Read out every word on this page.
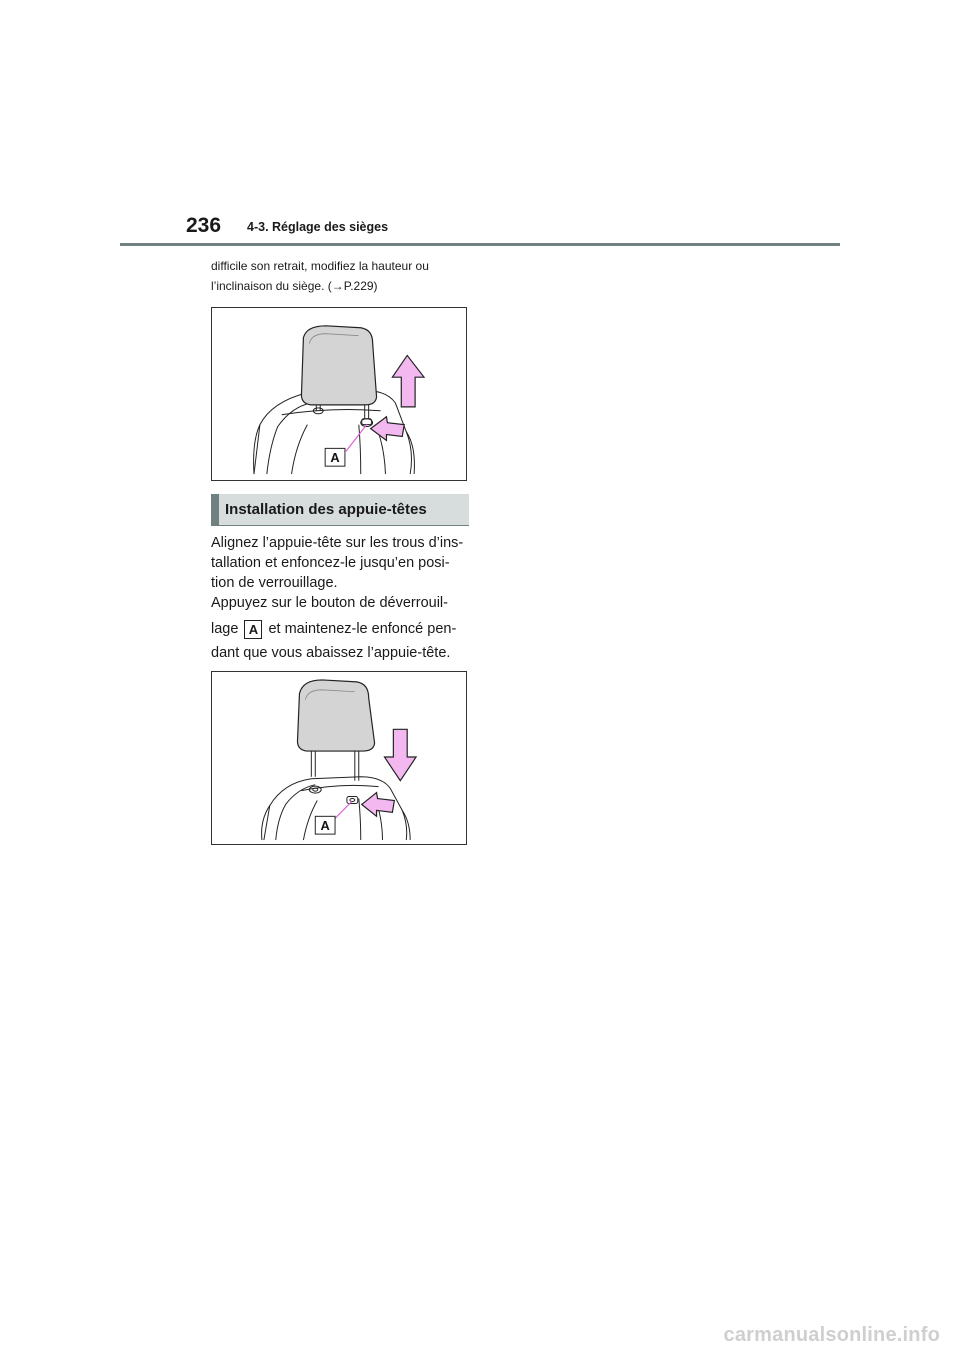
236 4-3. Réglage des sièges
difficile son retrait, modifiez la hauteur ou
l’inclinaison du siège. (→P.229)
A
Installation des appuie-têtes

Alignez l’appuie-tête sur les trous d’ins-

tallation et enfoncez-le jusqu’en posi-

tion de verrouillage.

Appuyez sur le bouton de déverrouil-

lage A et maintenez-le enfoncé pen-

dant que vous abaissez l’appuie-tête.

A
carmanualsonline.info
